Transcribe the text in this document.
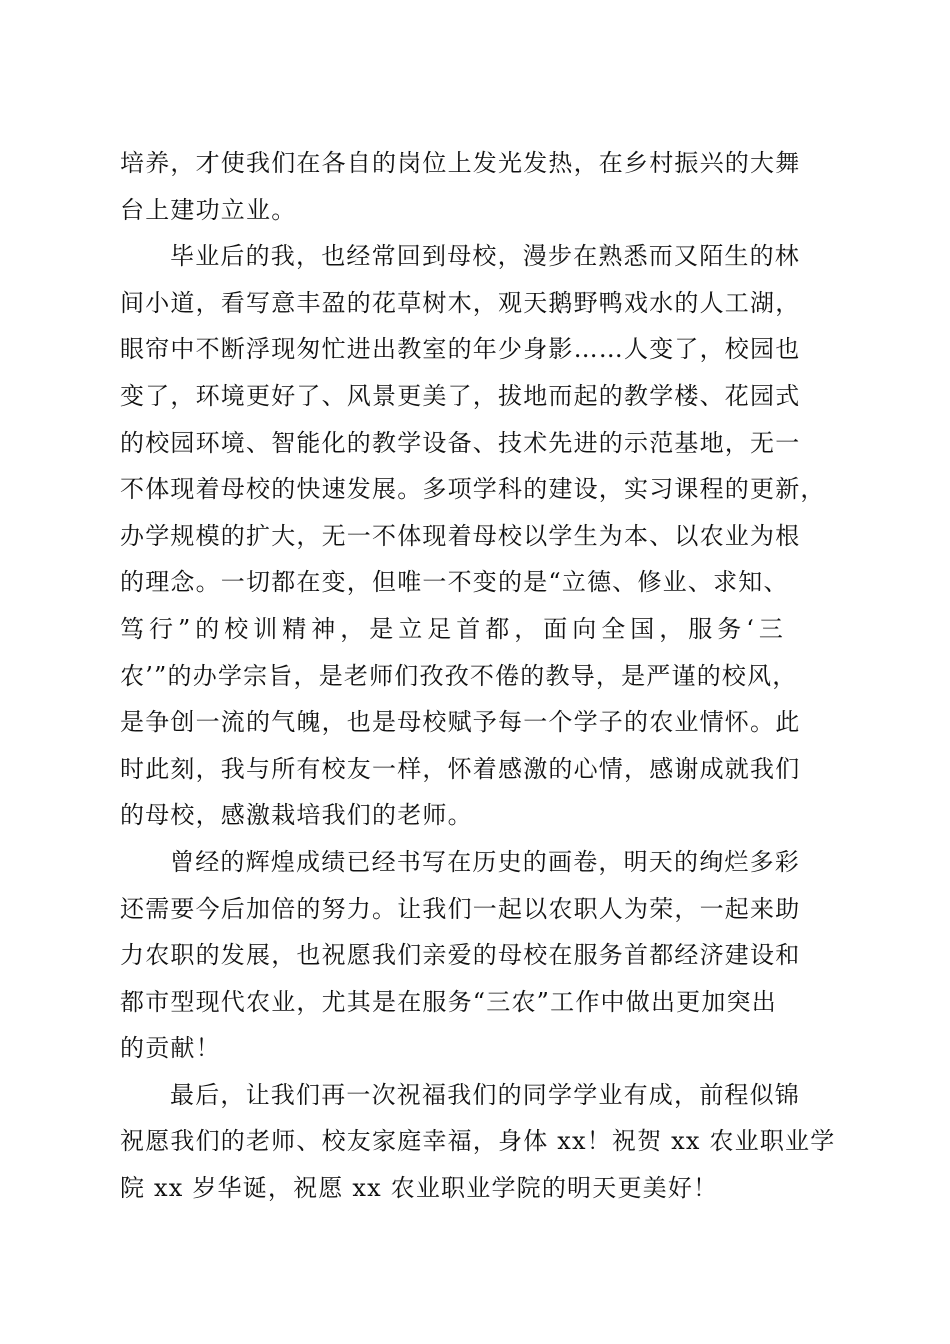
培养，才使我们在各自的岗位上发光发热，在乡村振兴的大舞
台上建功立业。
毕业后的我，也经常回到母校，漫步在熟悉而又陌生的林
间小道，看写意丰盈的花草树木，观天鹅野鸭戏水的人工湖，
眼帘中不断浮现匆忙进出教室的年少身影……人变了，校园也
变了，环境更好了、风景更美了，拔地而起的教学楼、花园式
的校园环境、智能化的教学设备、技术先进的示范基地，无一
不体现着母校的快速发展。多项学科的建设，实习课程的更新，
办学规模的扩大，无一不体现着母校以学生为本、以农业为根
的理念。一切都在变，但唯一不变的是“立德、修业、求知、
笃行”的校训精神，是立足首都，面向全国，服务‘三
农’”的办学宗旨，是老师们孜孜不倦的教导，是严谨的校风，
是争创一流的气魄，也是母校赋予每一个学子的农业情怀。此
时此刻，我与所有校友一样，怀着感激的心情，感谢成就我们
的母校，感激栽培我们的老师。
曾经的辉煌成绩已经书写在历史的画卷，明天的绚烂多彩
还需要今后加倍的努力。让我们一起以农职人为荣，一起来助
力农职的发展，也祝愿我们亲爱的母校在服务首都经济建设和
都市型现代农业，尤其是在服务“三农”工作中做出更加突出
的贡献！
最后，让我们再一次祝福我们的同学学业有成，前程似锦
祝愿我们的老师、校友家庭幸福，身体 xx！祝贺 xx 农业职业学
院 xx 岁华诞，祝愿 xx 农业职业学院的明天更美好！
